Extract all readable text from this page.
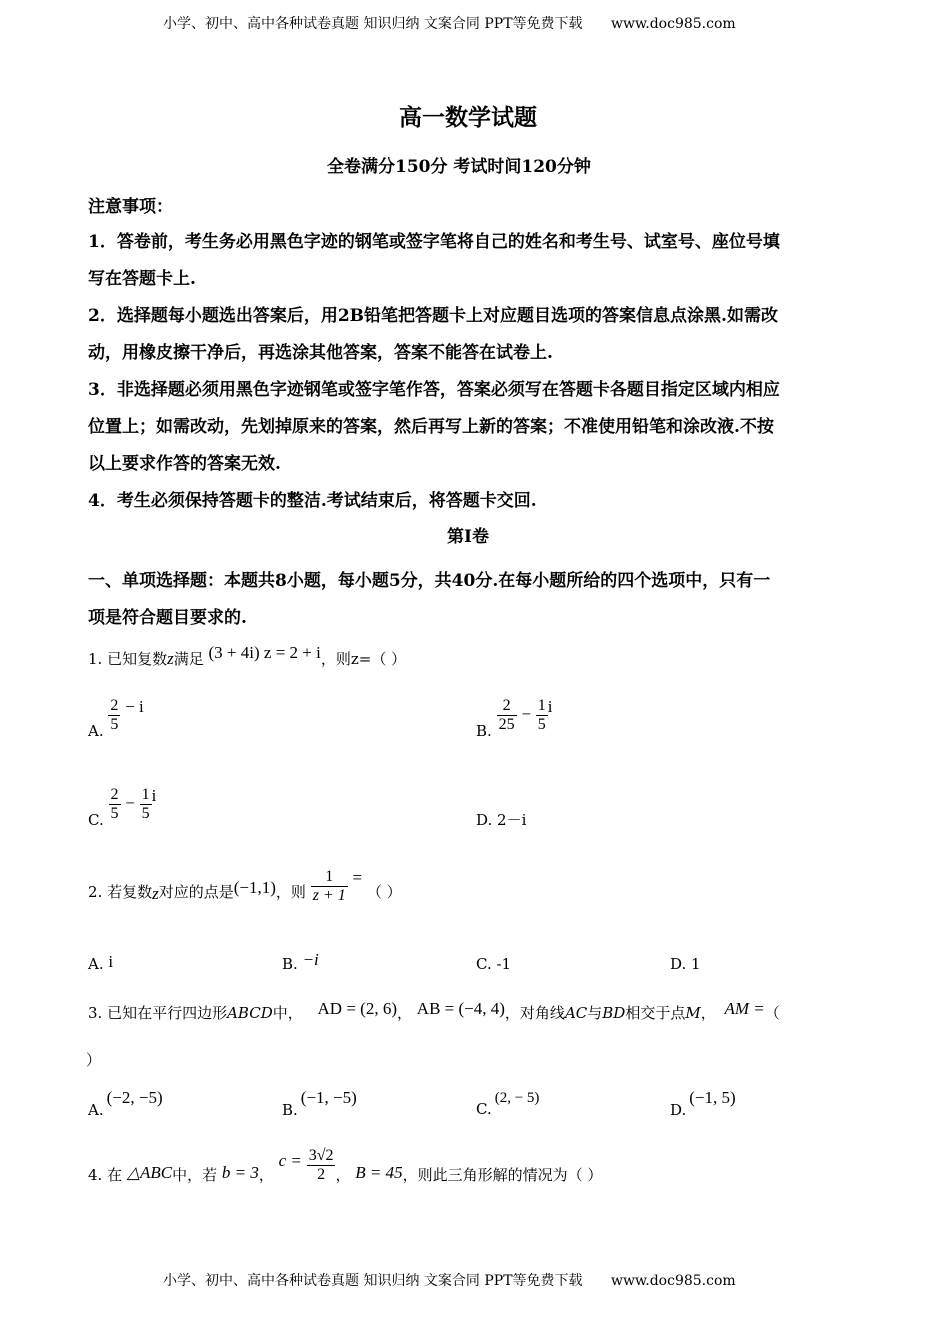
小学、初中、高中各种试卷真题 知识归纳 文案合同 PPT等免费下载 www.doc985.com
高一数学试题
全卷满分150分 考试时间120分钟
注意事项：
1．答卷前，考生务必用黑色字迹的钢笔或签字笔将自己的姓名和考生号、试室号、座位号填
写在答题卡上.
2．选择题每小题选出答案后，用2B铅笔把答题卡上对应题目选项的答案信息点涂黑.如需改
动，用橡皮擦干净后，再选涂其他答案，答案不能答在试卷上.
3．非选择题必须用黑色字迹钢笔或签字笔作答，答案必须写在答题卡各题目指定区域内相应
位置上；如需改动，先划掉原来的答案，然后再写上新的答案；不准使用铅笔和涂改液.不按
以上要求作答的答案无效.
4．考生必须保持答题卡的整洁.考试结束后，将答题卡交回.
第I卷
一、单项选择题：本题共8小题，每小题5分，共40分.在每小题所给的四个选项中，只有一
项是符合题目要求的.
1. 已知复数z满足 (3 + 4i) z = 2 + i，则z=（ ）
A. $\frac{2}{5} - i$
B. $\frac{2}{25} - \frac{1}{5}$ i
C. $\frac{2}{5} - \frac{1}{5}$ i
D. 2－i
2. 若复数z对应的点是(−1,1)，则 $\frac{1}{z + 1}$ = （ ）
A. i	B. −i	C. -1	D. 1
3. 已知在平行四边形ABCD中， AD = (2, 6)， AB = (−4, 4)，对角线AC与BD相交于点M， AM =（
）
A.(−2, −5)
B.(−1, −5)
C.(2, − 5)
D.(−1, 5)
4. 在 △ABC中，若 b = 3， $c = \frac{3√2}{2}$ ， B = 45，则此三角形解的情况为（ ）
小学、初中、高中各种试卷真题 知识归纳 文案合同 PPT等免费下载 www.doc985.com
